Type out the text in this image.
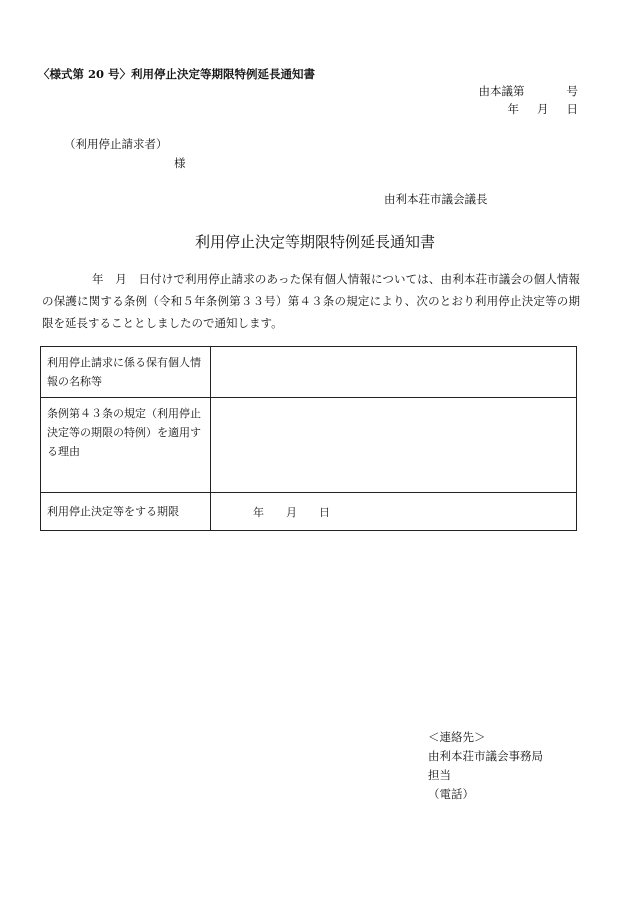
〈様式第 20 号〉利用停止決定等期限特例延長通知書
由本議第	号
年 月 日
（利用停止請求者）
様
由利本荘市議会議長
利用停止決定等期限特例延長通知書
年　月　日付けで利用停止請求のあった保有個人情報については、由利本荘市議会の個人情報の保護に関する条例（令和５年条例第３３号）第４３条の規定により、次のとおり利用停止決定等の期限を延長することとしましたので通知します。
利用停止請求に係る保有個人情報の名称等	
条例第４３条の規定（利用停止決定等の期限の特例）を適用する理由	
利用停止決定等をする期限	年 月 日
＜連絡先＞
由利本荘市議会事務局
担当
（電話）
